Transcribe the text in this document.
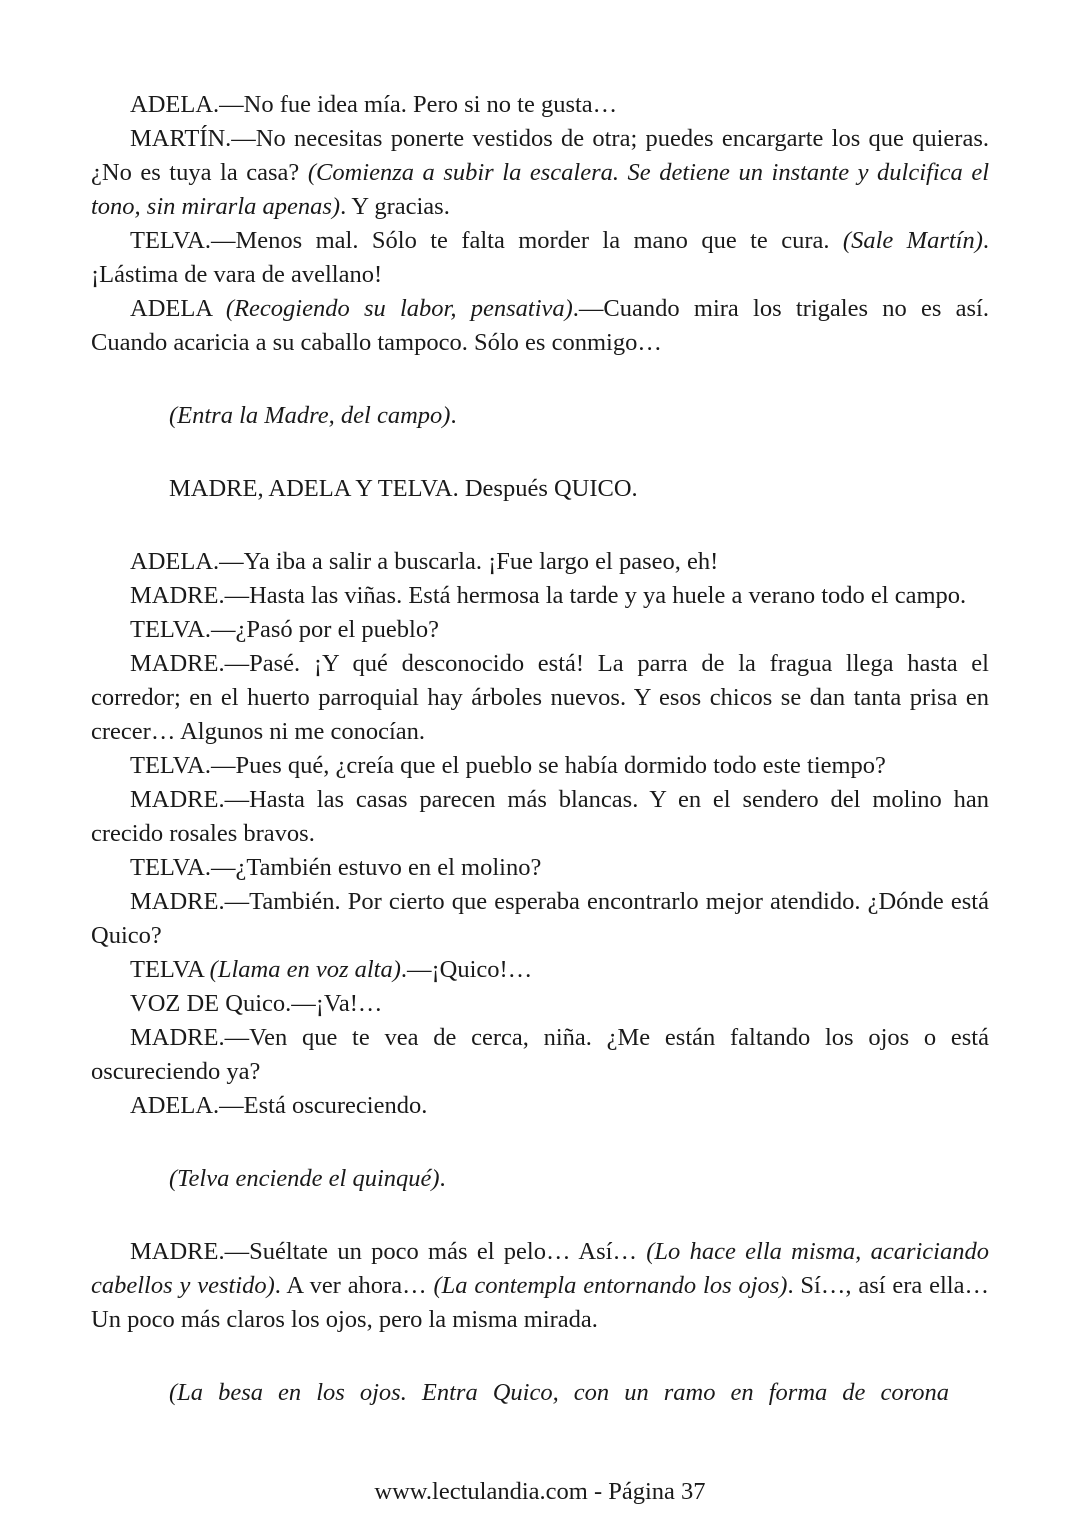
ADELA.—No fue idea mía. Pero si no te gusta…

MARTÍN.—No necesitas ponerte vestidos de otra; puedes encargarte los que quieras. ¿No es tuya la casa? (Comienza a subir la escalera. Se detiene un instante y dulcifica el tono, sin mirarla apenas). Y gracias.

TELVA.—Menos mal. Sólo te falta morder la mano que te cura. (Sale Martín). ¡Lástima de vara de avellano!

ADELA (Recogiendo su labor, pensativa).—Cuando mira los trigales no es así. Cuando acaricia a su caballo tampoco. Sólo es conmigo…

(Entra la Madre, del campo).

MADRE, ADELA Y TELVA. Después QUICO.

ADELA.—Ya iba a salir a buscarla. ¡Fue largo el paseo, eh!

MADRE.—Hasta las viñas. Está hermosa la tarde y ya huele a verano todo el campo.

TELVA.—¿Pasó por el pueblo?

MADRE.—Pasé. ¡Y qué desconocido está! La parra de la fragua llega hasta el corredor; en el huerto parroquial hay árboles nuevos. Y esos chicos se dan tanta prisa en crecer… Algunos ni me conocían.

TELVA.—Pues qué, ¿creía que el pueblo se había dormido todo este tiempo?

MADRE.—Hasta las casas parecen más blancas. Y en el sendero del molino han crecido rosales bravos.

TELVA.—¿También estuvo en el molino?

MADRE.—También. Por cierto que esperaba encontrarlo mejor atendido. ¿Dónde está Quico?

TELVA (Llama en voz alta).—¡Quico!…

VOZ DE Quico.—¡Va!…

MADRE.—Ven que te vea de cerca, niña. ¿Me están faltando los ojos o está oscureciendo ya?

ADELA.—Está oscureciendo.

(Telva enciende el quinqué).

MADRE.—Suéltate un poco más el pelo… Así… (Lo hace ella misma, acariciando cabellos y vestido). A ver ahora… (La contempla entornando los ojos). Sí…, así era ella… Un poco más claros los ojos, pero la misma mirada.

(La besa en los ojos. Entra Quico, con un ramo en forma de corona

www.lectulandia.com - Página 37
